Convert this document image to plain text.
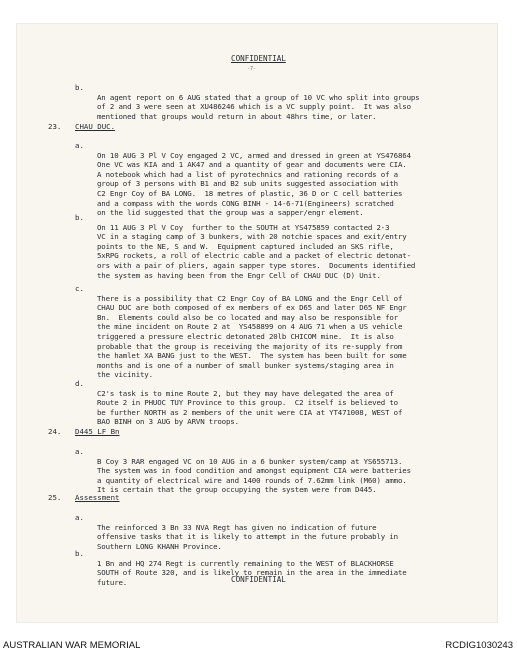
CONFIDENTIAL
-7-
b.

An agent report on 6 AUG stated that a group of 10 VC who split into groups
of 2 and 3 were seen at XU486246 which is a VC supply point.  It was also
mentioned that groups would return in about 48hrs time, or later.
23. CHAU DUC.
a.

On 10 AUG 3 Pl V Coy engaged 2 VC, armed and dressed in green at YS476864
One VC was KIA and 1 AK47 and a quantity of gear and documents were CIA.
A notebook which had a list of pyrotechnics and rationing records of a
group of 3 persons with B1 and B2 sub units suggested association with
C2 Engr Coy of BA LONG.  18 metres of plastic, 36 D or C cell batteries
and a compass with the words CONG BINH - 14-6-71(Engineers) scratched
on the lid suggested that the group was a sapper/engr element.
b.

On 11 AUG 3 Pl V Coy  further to the SOUTH at YS475859 contacted 2-3
VC in a staging camp of 3 bunkers, with 20 notchie spaces and exit/entry
points to the NE, S and W.  Equipment captured included an SKS rifle,
5xRPG rockets, a roll of electric cable and a packet of electric detonat-
ors with a pair of pliers, again sapper type stores.  Documents identified
the system as having been from the Engr Cell of CHAU DUC (D) Unit.
c.

There is a possibility that C2 Engr Coy of BA LONG and the Engr Cell of
CHAU DUC are both composed of ex members of ex D65 and later D65 NF Engr
Bn.  Elements could also be co located and may also be responsible for
the mine incident on Route 2 at  YS458899 on 4 AUG 71 when a US vehicle
triggered a pressure electric detonated 20lb CHICOM mine.  It is also
probable that the group is receiving the majority of its re-supply from
the hamlet XA BANG just to the WEST.  The system has been built for some
months and is one of a number of small bunker systems/staging area in
the vicinity.
d.

C2's task is to mine Route 2, but they may have delegated the area of
Route 2 in PHUOC TUY Province to this group.  C2 itself is believed to
be further NORTH as 2 members of the unit were CIA at YT471008, WEST of
BAO BINH on 3 AUG by ARVN troops.
24. D445 LF Bn
a.

B Coy 3 RAR engaged VC on 10 AUG in a 6 bunker system/camp at YS655713.
The system was in food condition and amongst equipment CIA were batteries
a quantity of electrical wire and 1400 rounds of 7.62mm link (M60) ammo.
It is certain that the group occupying the system were from D445.
25. Assessment
a.

The reinforced 3 Bn 33 NVA Regt has given no indication of future
offensive tasks that it is likely to attempt in the future probably in
Southern LONG KHANH Province.
b.

1 Bn and HQ 274 Regt is currently remaining to the WEST of BLACKHORSE
SOUTH of Route 320, and is likely to remain in the area in the immediate
future.	CONFIDENTIAL
AUSTRALIAN WAR MEMORIAL	RCDIG1030243
